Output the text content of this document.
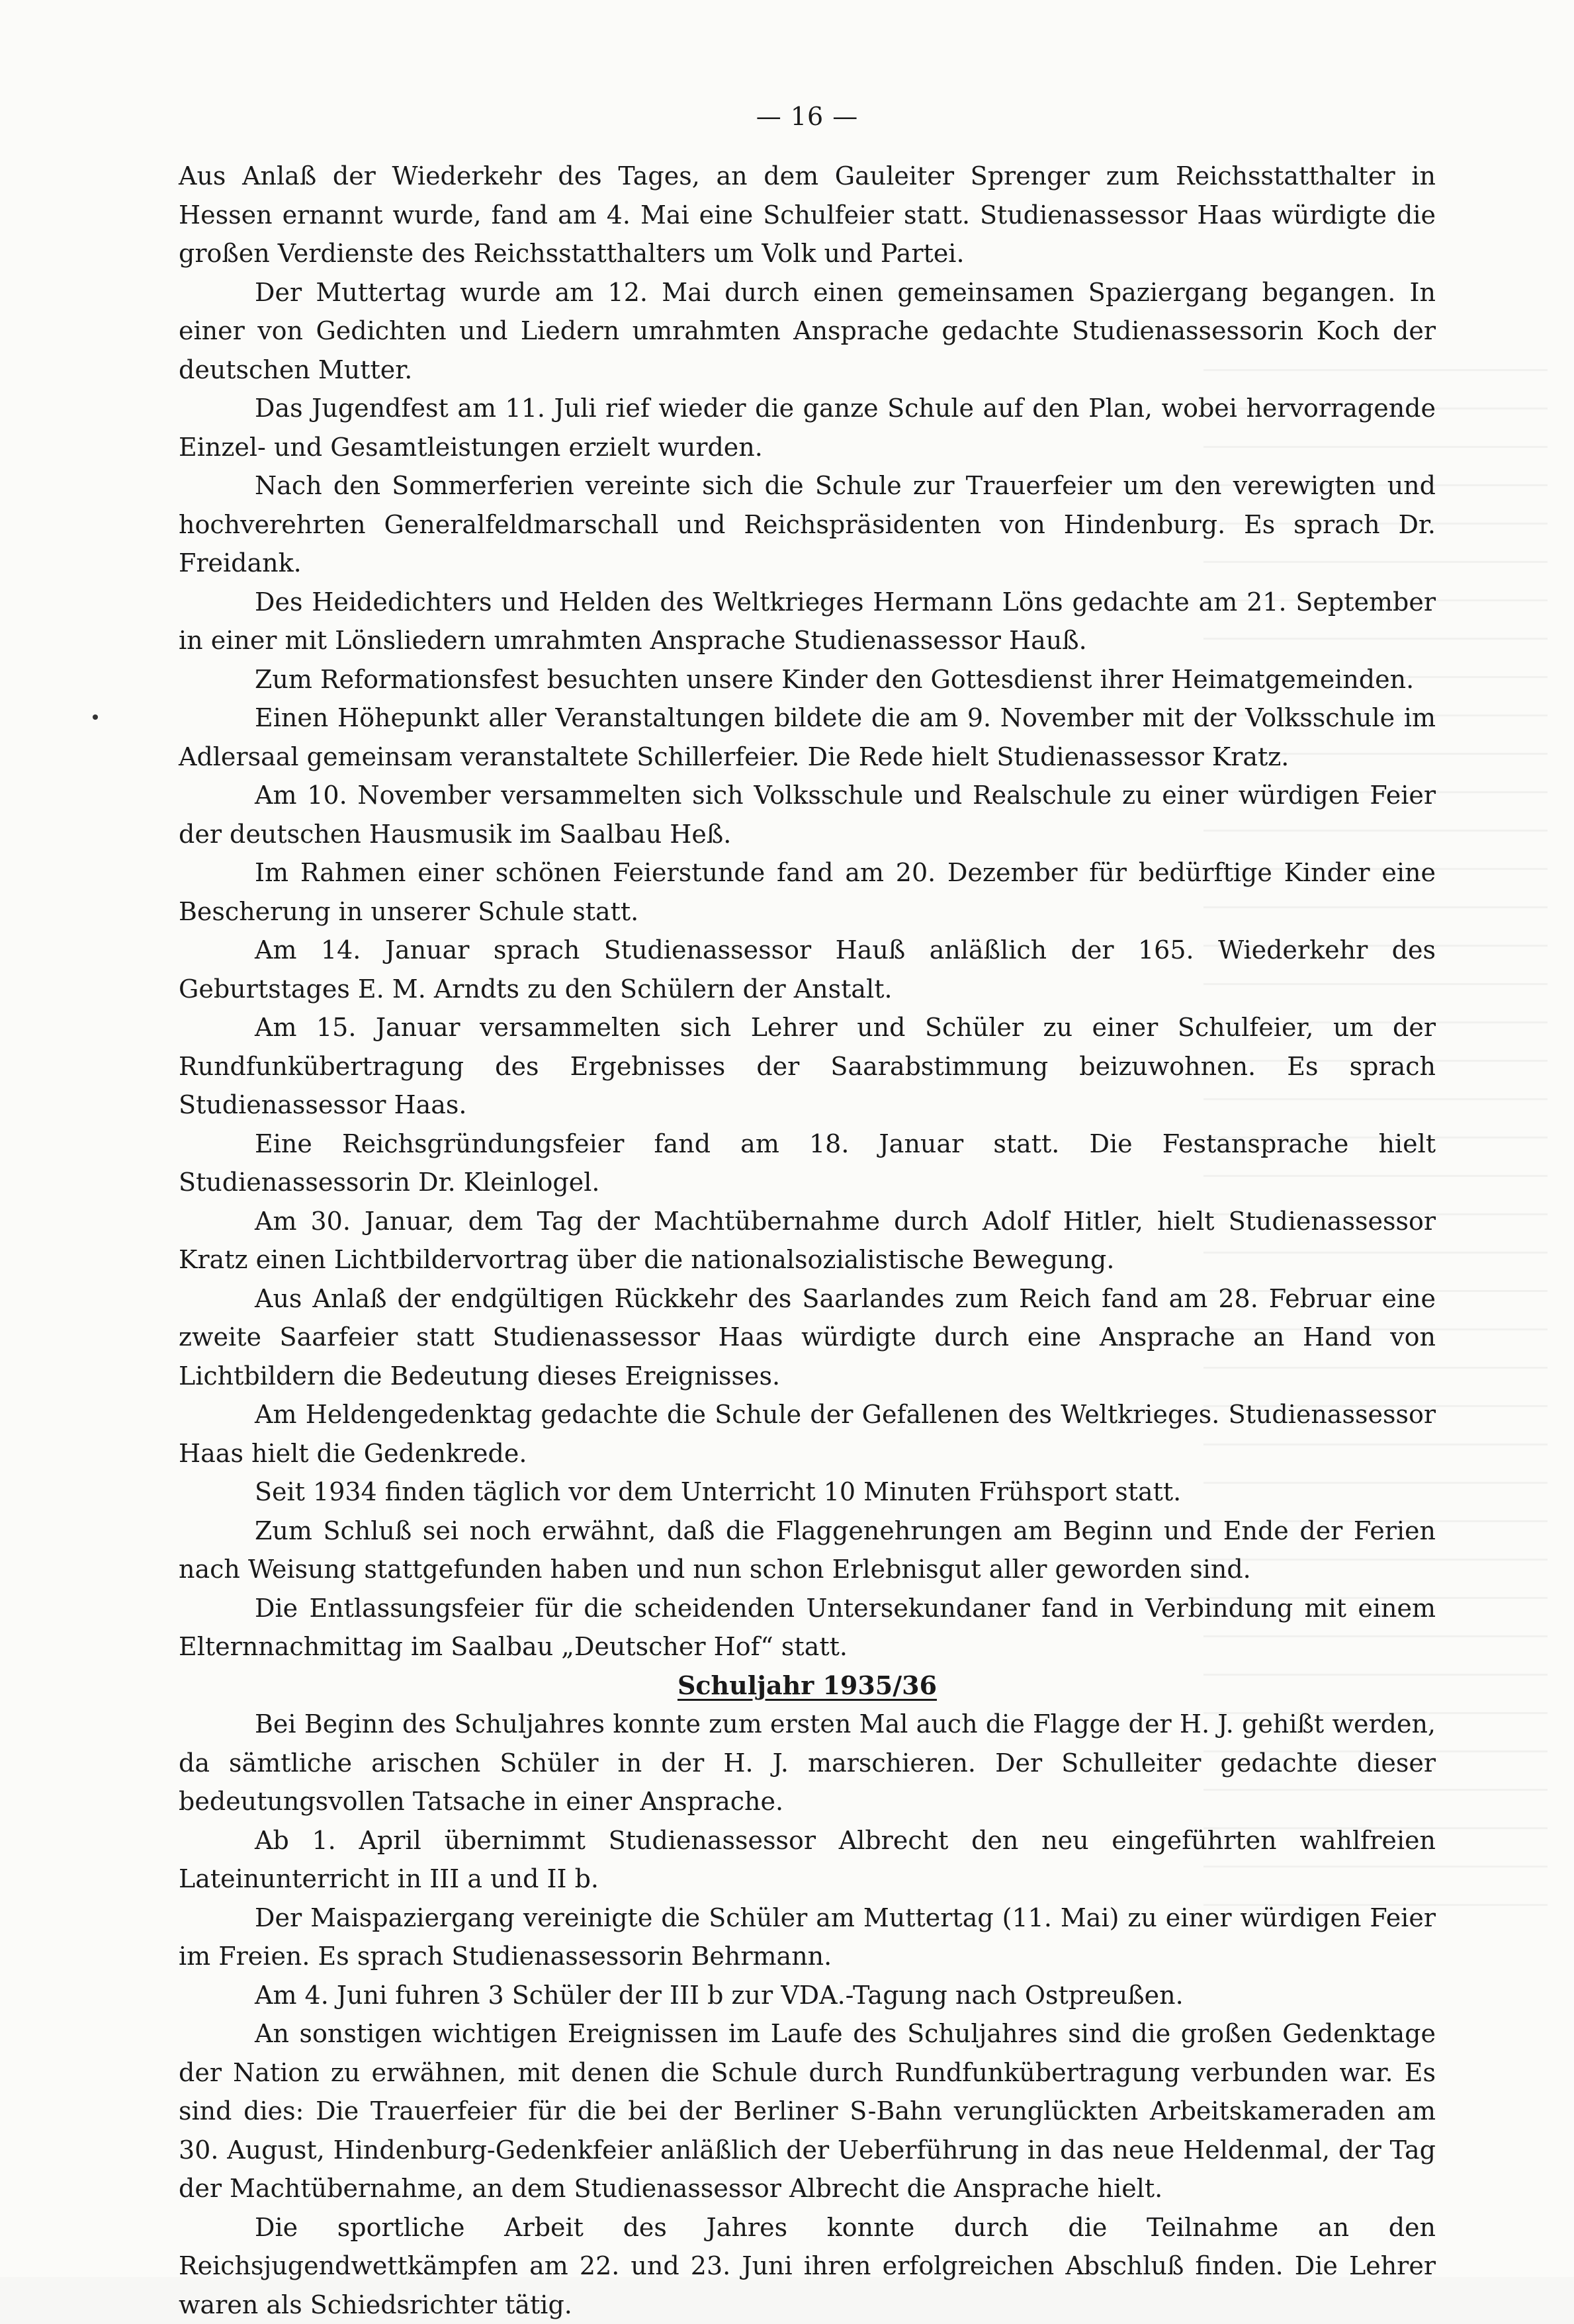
— 16 —

Aus Anlaß der Wiederkehr des Tages, an dem Gauleiter Sprenger zum Reichsstatthalter in Hessen ernannt wurde, fand am 4. Mai eine Schulfeier statt. Studienassessor Haas würdigte die großen Verdienste des Reichsstatthalters um Volk und Partei.

Der Muttertag wurde am 12. Mai durch einen gemeinsamen Spaziergang begangen. In einer von Gedichten und Liedern umrahmten Ansprache gedachte Studienassessorin Koch der deutschen Mutter.

Das Jugendfest am 11. Juli rief wieder die ganze Schule auf den Plan, wobei hervorragende Einzel- und Gesamtleistungen erzielt wurden.

Nach den Sommerferien vereinte sich die Schule zur Trauerfeier um den verewigten und hochverehrten Generalfeldmarschall und Reichspräsidenten von Hindenburg. Es sprach Dr. Freidank.

Des Heidedichters und Helden des Weltkrieges Hermann Löns gedachte am 21. September in einer mit Lönsliedern umrahmten Ansprache Studienassessor Hauß.

Zum Reformationsfest besuchten unsere Kinder den Gottesdienst ihrer Heimatgemeinden.

Einen Höhepunkt aller Veranstaltungen bildete die am 9. November mit der Volksschule im Adlersaal gemeinsam veranstaltete Schillerfeier. Die Rede hielt Studienassessor Kratz.

Am 10. November versammelten sich Volksschule und Realschule zu einer würdigen Feier der deutschen Hausmusik im Saalbau Heß.

Im Rahmen einer schönen Feierstunde fand am 20. Dezember für bedürftige Kinder eine Bescherung in unserer Schule statt.

Am 14. Januar sprach Studienassessor Hauß anläßlich der 165. Wiederkehr des Geburtstages E. M. Arndts zu den Schülern der Anstalt.

Am 15. Januar versammelten sich Lehrer und Schüler zu einer Schulfeier, um der Rundfunkübertragung des Ergebnisses der Saarabstimmung beizuwohnen. Es sprach Studienassessor Haas.

Eine Reichsgründungsfeier fand am 18. Januar statt. Die Festansprache hielt Studienassessorin Dr. Kleinlogel.

Am 30. Januar, dem Tag der Machtübernahme durch Adolf Hitler, hielt Studienassessor Kratz einen Lichtbildervortrag über die nationalsozialistische Bewegung.

Aus Anlaß der endgültigen Rückkehr des Saarlandes zum Reich fand am 28. Februar eine zweite Saarfeier statt Studienassessor Haas würdigte durch eine Ansprache an Hand von Lichtbildern die Bedeutung dieses Ereignisses.

Am Heldengedenktag gedachte die Schule der Gefallenen des Weltkrieges. Studienassessor Haas hielt die Gedenkrede.

Seit 1934 finden täglich vor dem Unterricht 10 Minuten Frühsport statt.

Zum Schluß sei noch erwähnt, daß die Flaggenehrungen am Beginn und Ende der Ferien nach Weisung stattgefunden haben und nun schon Erlebnisgut aller geworden sind.

Die Entlassungsfeier für die scheidenden Untersekundaner fand in Verbindung mit einem Elternnachmittag im Saalbau „Deutscher Hof“ statt.

Schuljahr 1935/36

Bei Beginn des Schuljahres konnte zum ersten Mal auch die Flagge der H. J. gehißt werden, da sämtliche arischen Schüler in der H. J. marschieren. Der Schulleiter gedachte dieser bedeutungsvollen Tatsache in einer Ansprache.

Ab 1. April übernimmt Studienassessor Albrecht den neu eingeführten wahlfreien Lateinunterricht in III a und II b.

Der Maispaziergang vereinigte die Schüler am Muttertag (11. Mai) zu einer würdigen Feier im Freien. Es sprach Studienassessorin Behrmann.

Am 4. Juni fuhren 3 Schüler der III b zur VDA.-Tagung nach Ostpreußen.

An sonstigen wichtigen Ereignissen im Laufe des Schuljahres sind die großen Gedenktage der Nation zu erwähnen, mit denen die Schule durch Rundfunkübertragung verbunden war. Es sind dies: Die Trauerfeier für die bei der Berliner S-Bahn verunglückten Arbeitskameraden am 30. August, Hindenburg-Gedenkfeier anläßlich der Ueberführung in das neue Heldenmal, der Tag der Machtübernahme, an dem Studienassessor Albrecht die Ansprache hielt.

Die sportliche Arbeit des Jahres konnte durch die Teilnahme an den Reichsjugendwettkämpfen am 22. und 23. Juni ihren erfolgreichen Abschluß finden. Die Lehrer waren als Schiedsrichter tätig.
